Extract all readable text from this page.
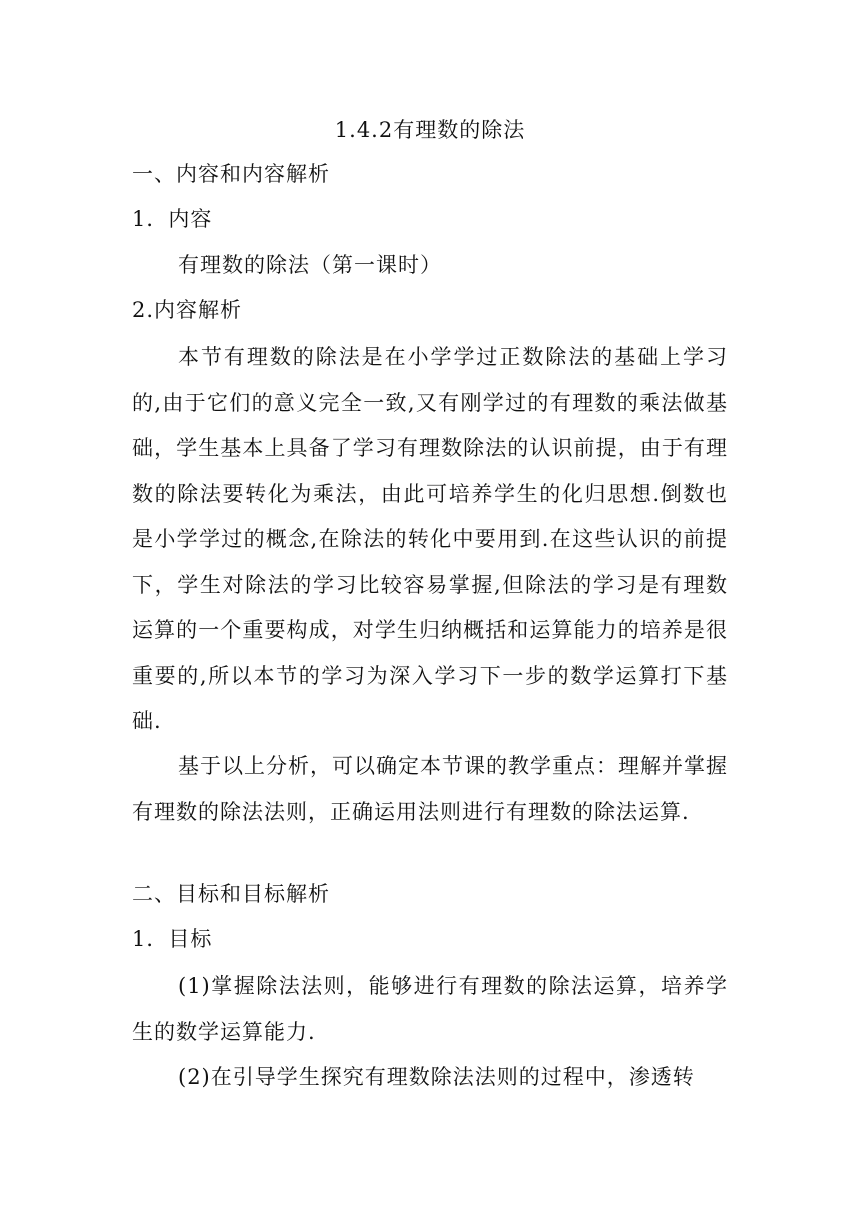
1.4.2有理数的除法

一、内容和内容解析

1．内容

有理数的除法（第一课时）

2.内容解析

本节有理数的除法是在小学学过正数除法的基础上学习的,由于它们的意义完全一致,又有刚学过的有理数的乘法做基础，学生基本上具备了学习有理数除法的认识前提，由于有理数的除法要转化为乘法，由此可培养学生的化归思想.倒数也是小学学过的概念,在除法的转化中要用到.在这些认识的前提下，学生对除法的学习比较容易掌握,但除法的学习是有理数运算的一个重要构成，对学生归纳概括和运算能力的培养是很重要的,所以本节的学习为深入学习下一步的数学运算打下基础.

基于以上分析，可以确定本节课的教学重点：理解并掌握有理数的除法法则，正确运用法则进行有理数的除法运算.

二、目标和目标解析

1．目标

(1)掌握除法法则，能够进行有理数的除法运算，培养学生的数学运算能力.

(2)在引导学生探究有理数除法法则的过程中，渗透转
